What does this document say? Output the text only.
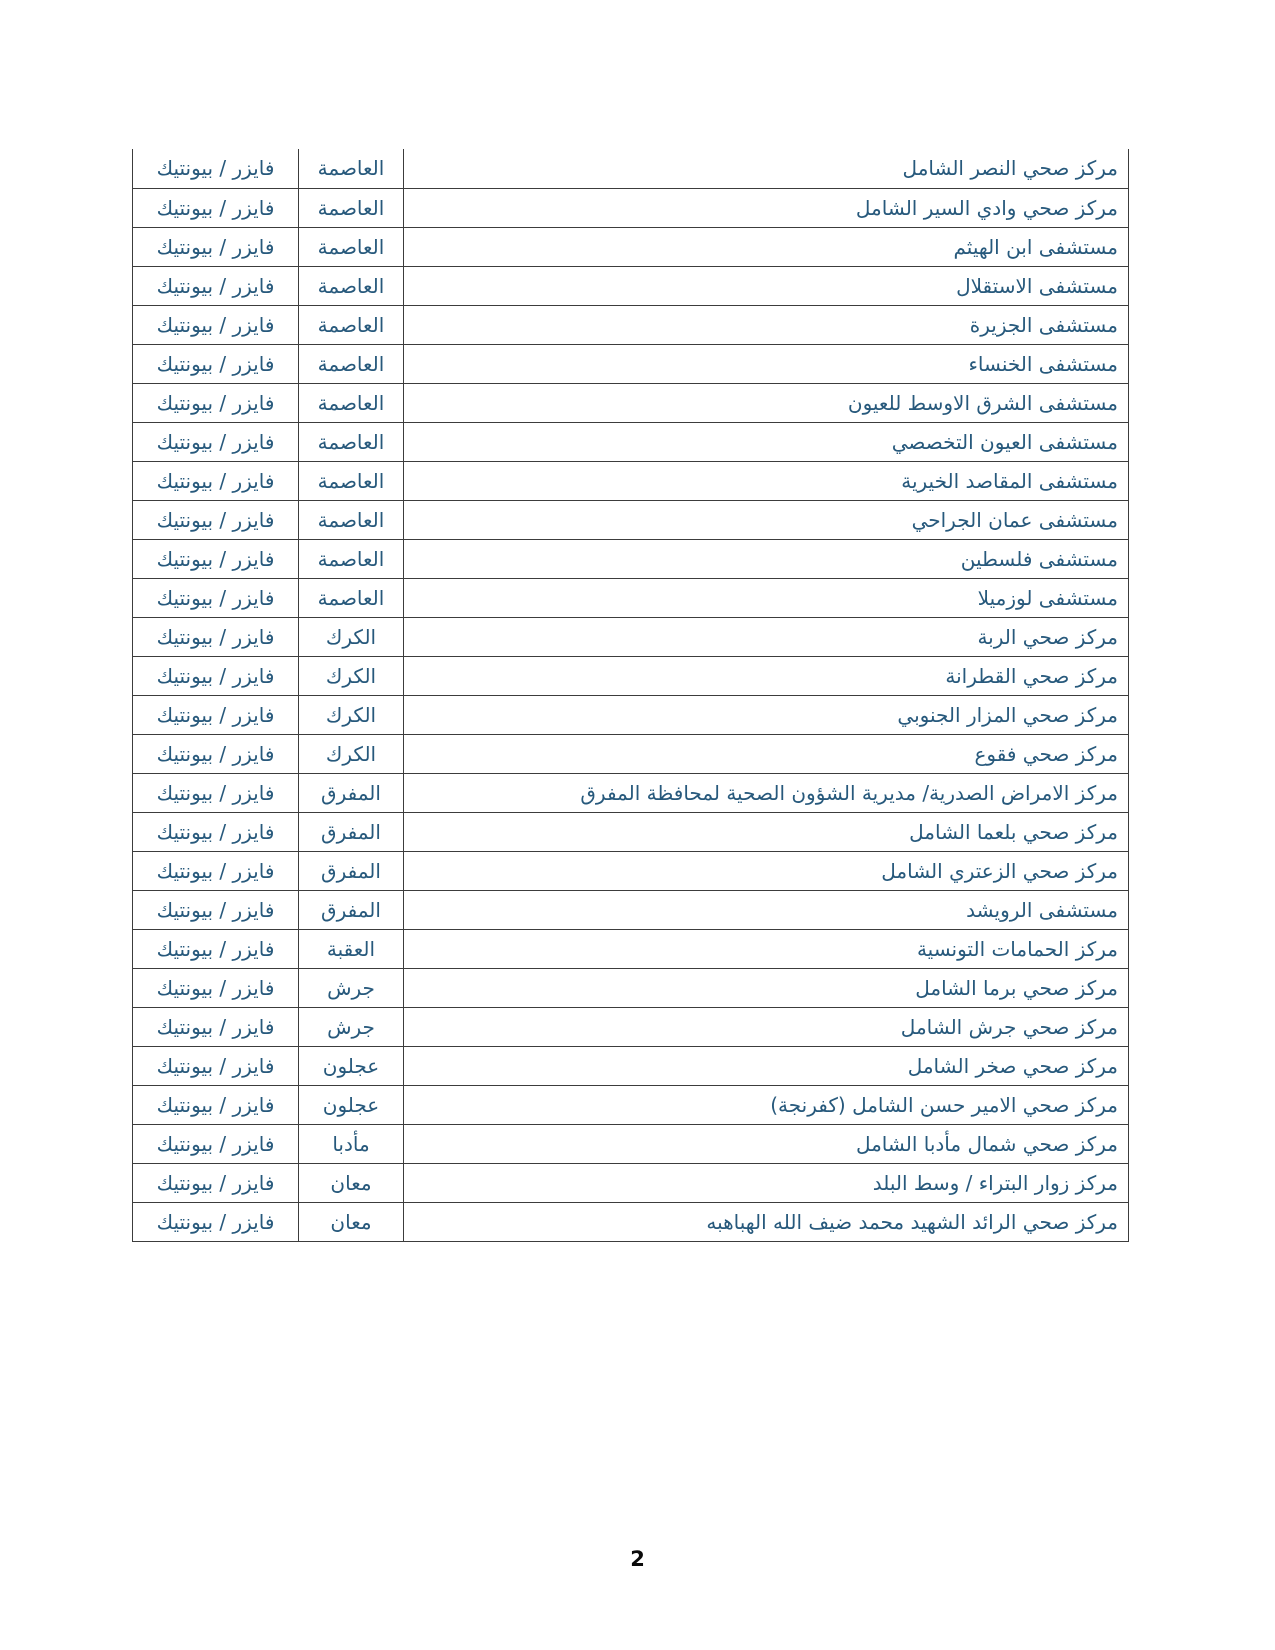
مركز صحي النصر الشامل	العاصمة	فايزر / بيونتيك
مركز صحي وادي السير الشامل	العاصمة	فايزر / بيونتيك
مستشفى ابن الهيثم	العاصمة	فايزر / بيونتيك
مستشفى الاستقلال	العاصمة	فايزر / بيونتيك
مستشفى الجزيرة	العاصمة	فايزر / بيونتيك
مستشفى الخنساء	العاصمة	فايزر / بيونتيك
مستشفى الشرق الاوسط للعيون	العاصمة	فايزر / بيونتيك
مستشفى العيون التخصصي	العاصمة	فايزر / بيونتيك
مستشفى المقاصد الخيرية	العاصمة	فايزر / بيونتيك
مستشفى عمان الجراحي	العاصمة	فايزر / بيونتيك
مستشفى فلسطين	العاصمة	فايزر / بيونتيك
مستشفى لوزميلا	العاصمة	فايزر / بيونتيك
مركز صحي الربة	الكرك	فايزر / بيونتيك
مركز صحي القطرانة	الكرك	فايزر / بيونتيك
مركز صحي المزار الجنوبي	الكرك	فايزر / بيونتيك
مركز صحي فقوع	الكرك	فايزر / بيونتيك
مركز الامراض الصدرية/ مديرية الشؤون الصحية لمحافظة المفرق	المفرق	فايزر / بيونتيك
مركز صحي بلعما الشامل	المفرق	فايزر / بيونتيك
مركز صحي الزعتري الشامل	المفرق	فايزر / بيونتيك
مستشفى الرويشد	المفرق	فايزر / بيونتيك
مركز الحمامات التونسية	العقبة	فايزر / بيونتيك
مركز صحي برما الشامل	جرش	فايزر / بيونتيك
مركز صحي جرش الشامل	جرش	فايزر / بيونتيك
مركز صحي صخر الشامل	عجلون	فايزر / بيونتيك
مركز صحي الامير حسن الشامل (كفرنجة)	عجلون	فايزر / بيونتيك
مركز صحي شمال مأدبا الشامل	مأدبا	فايزر / بيونتيك
مركز زوار البتراء / وسط البلد	معان	فايزر / بيونتيك
مركز صحي الرائد الشهيد محمد ضيف الله الهباهبه	معان	فايزر / بيونتيك
2
